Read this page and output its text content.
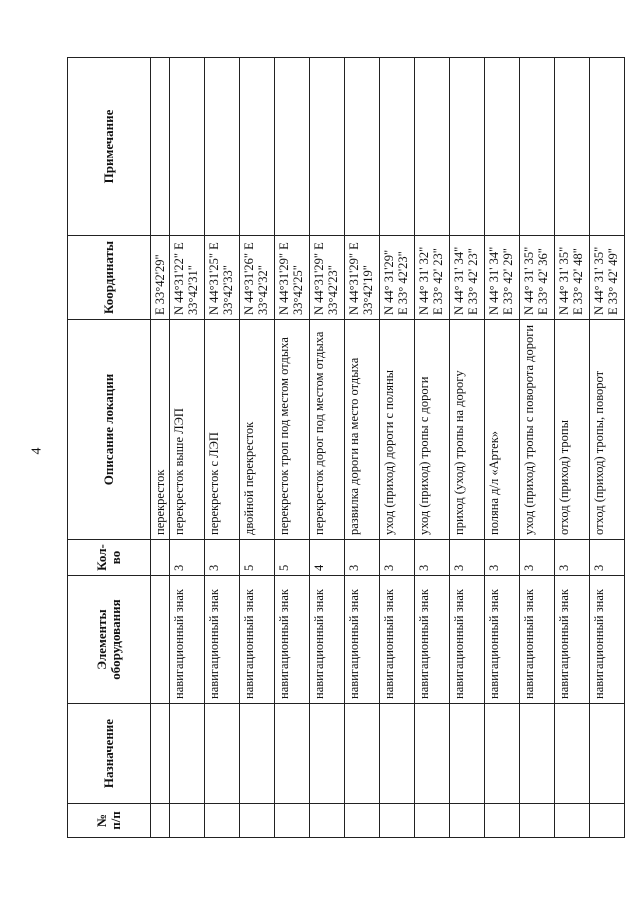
4
№ п/п	Назначение	Элементы оборудования	Кол-во	Описание локации	Координаты	Примечание
				перекресток	E 33°42'29"	
		навигационный знак	3	перекресток выше ЛЭП	N 44°31'22" E 33°42'31"	
		навигационный знак	3	перекресток с ЛЭП	N 44°31'25" E 33°42'33"	
		навигационный знак	5	двойной перекресток	N 44°31'26" E 33°42'32"	
		навигационный знак	5	перекресток троп под местом отдыха	N 44°31'29" E 33°42'25"	
		навигационный знак	4	перекресток дорог под местом отдыха	N 44°31'29" E 33°42'23"	
		навигационный знак	3	развилка дороги на место отдыха	N 44°31'29" E 33°42'19"	
		навигационный знак	3	уход (приход) дороги с поляны	N 44° 31'29" E 33° 42'23"	
		навигационный знак	3	уход (приход) тропы с дороги	N 44° 31' 32" E 33° 42' 23"	
		навигационный знак	3	приход (уход) тропы на дорогу	N 44° 31' 34" E 33° 42' 23"	
		навигационный знак	3	поляна д/л «Артек»	N 44° 31' 34" E 33° 42' 29"	
		навигационный знак	3	уход (приход) тропы с поворота дороги	N 44° 31' 35" E 33° 42' 36"	
		навигационный знак	3	отход (приход) тропы	N 44° 31' 35" E 33° 42' 48"	
		навигационный знак	3	отход (приход) тропы, поворот	N 44° 31' 35" E 33° 42' 49"	
